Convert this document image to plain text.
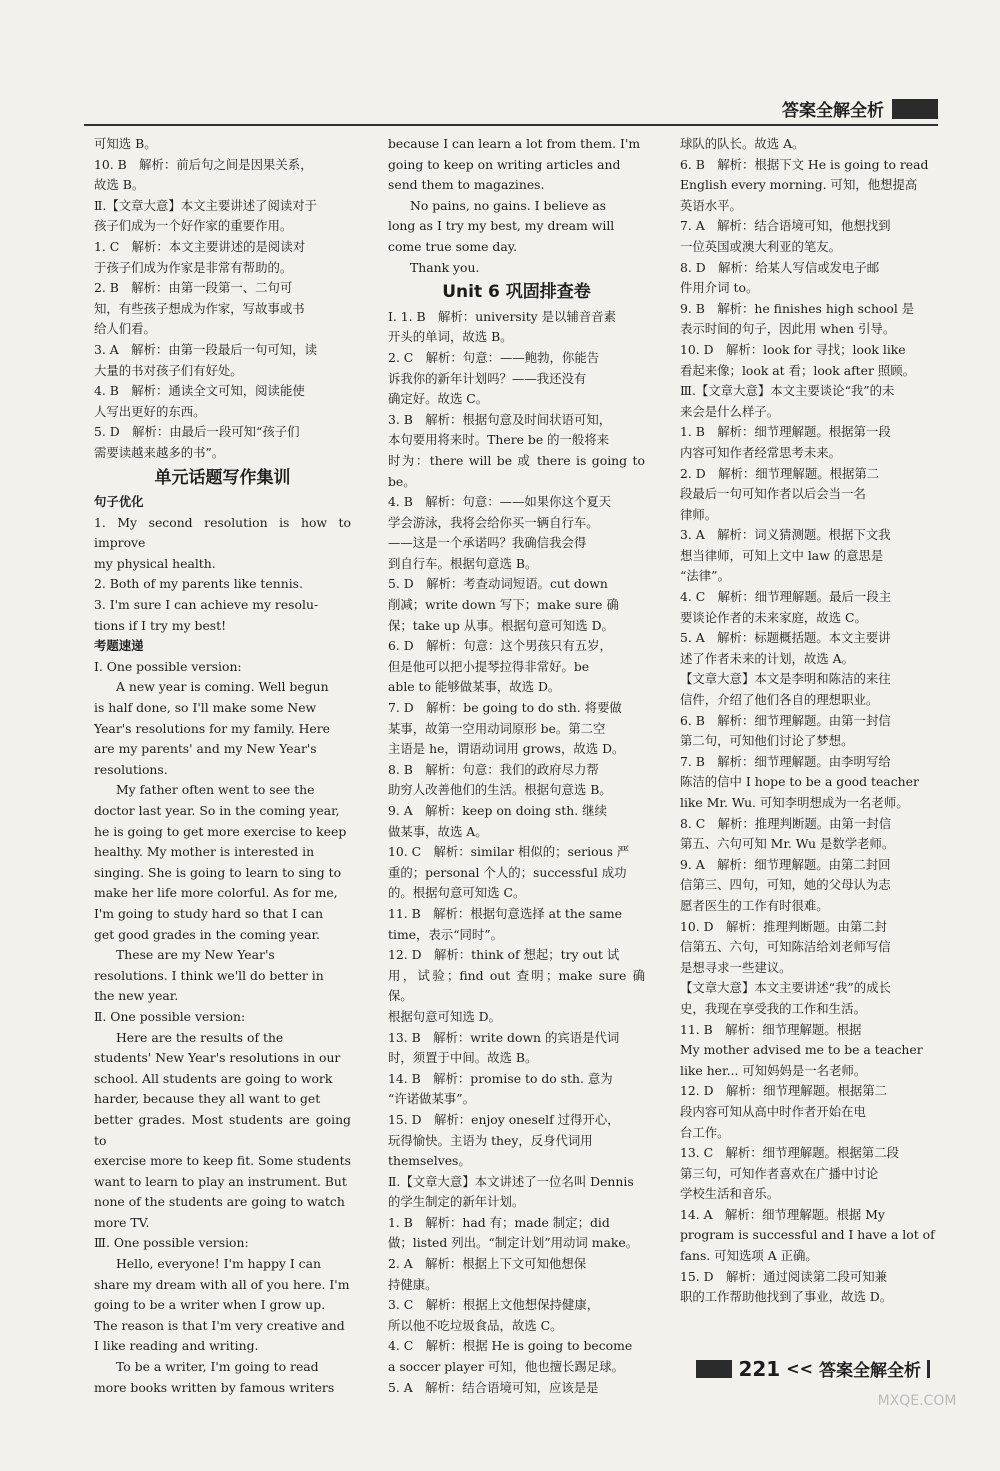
答案全解全析

可知选 B。

10. B　解析：前后句之间是因果关系，

故选 B。

Ⅱ.【文章大意】本文主要讲述了阅读对于

孩子们成为一个好作家的重要作用。

1. C　解析：本文主要讲述的是阅读对

于孩子们成为作家是非常有帮助的。

2. B　解析：由第一段第一、二句可

知，有些孩子想成为作家，写故事或书

给人们看。

3. A　解析：由第一段最后一句可知，读

大量的书对孩子们有好处。

4. B　解析：通读全文可知，阅读能使

人写出更好的东西。

5. D　解析：由最后一段可知“孩子们

需要读越来越多的书”。

单元话题写作集训

句子优化

1. My second resolution is how to improve

my physical health.

2. Both of my parents like tennis.

3. I'm sure I can achieve my resolu-

tions if I try my best!

考题速递

Ⅰ. One possible version:

A new year is coming. Well begun

is half done, so I'll make some New

Year's resolutions for my family. Here

are my parents' and my New Year's

resolutions.

My father often went to see the

doctor last year. So in the coming year,

he is going to get more exercise to keep

healthy. My mother is interested in

singing. She is going to learn to sing to

make her life more colorful. As for me,

I'm going to study hard so that I can

get good grades in the coming year.

These are my New Year's

resolutions. I think we'll do better in

the new year.

Ⅱ. One possible version:

Here are the results of the

students' New Year's resolutions in our

school. All students are going to work

harder, because they all want to get

better grades. Most students are going to

exercise more to keep fit. Some students

want to learn to play an instrument. But

none of the students are going to watch

more TV.

Ⅲ. One possible version:

Hello, everyone! I'm happy I can

share my dream with all of you here. I'm

going to be a writer when I grow up.

The reason is that I'm very creative and

I like reading and writing.

To be a writer, I'm going to read

more books written by famous writers

because I can learn a lot from them. I'm

going to keep on writing articles and

send them to magazines.

No pains, no gains. I believe as

long as I try my best, my dream will

come true some day.

Thank you.

Unit 6 巩固排查卷

Ⅰ. 1. B　解析：university 是以辅音音素

开头的单词，故选 B。

2. C　解析：句意：——鲍勃，你能告

诉我你的新年计划吗？——我还没有

确定好。故选 C。

3. B　解析：根据句意及时间状语可知，

本句要用将来时。There be 的一般将来

时为：there will be 或 there is going to be。

4. B　解析：句意：——如果你这个夏天

学会游泳，我将会给你买一辆自行车。

——这是一个承诺吗？我确信我会得

到自行车。根据句意选 B。

5. D　解析：考查动词短语。cut down

削减；write down 写下；make sure 确

保；take up 从事。根据句意可知选 D。

6. D　解析：句意：这个男孩只有五岁，

但是他可以把小提琴拉得非常好。be

able to 能够做某事，故选 D。

7. D　解析：be going to do sth. 将要做

某事，故第一空用动词原形 be。第二空

主语是 he，谓语动词用 grows，故选 D。

8. B　解析：句意：我们的政府尽力帮

助穷人改善他们的生活。根据句意选 B。

9. A　解析：keep on doing sth. 继续

做某事，故选 A。

10. C　解析：similar 相似的；serious 严

重的；personal 个人的；successful 成功

的。根据句意可知选 C。

11. B　解析：根据句意选择 at the same

time，表示“同时”。

12. D　解析：think of 想起；try out 试

用，试验；find out 查明；make sure 确保。

根据句意可知选 D。

13. B　解析：write down 的宾语是代词

时，须置于中间。故选 B。

14. B　解析：promise to do sth. 意为

“许诺做某事”。

15. D　解析：enjoy oneself 过得开心，

玩得愉快。主语为 they，反身代词用

themselves。

Ⅱ.【文章大意】本文讲述了一位名叫 Dennis

的学生制定的新年计划。

1. B　解析：had 有；made 制定；did

做；listed 列出。“制定计划”用动词 make。

2. A　解析：根据上下文可知他想保

持健康。

3. C　解析：根据上文他想保持健康，

所以他不吃垃圾食品，故选 C。

4. C　解析：根据 He is going to become

a soccer player 可知，他也擅长踢足球。

5. A　解析：结合语境可知，应该是是

球队的队长。故选 A。

6. B　解析：根据下文 He is going to read

English every morning. 可知，他想提高

英语水平。

7. A　解析：结合语境可知，他想找到

一位英国或澳大利亚的笔友。

8. D　解析：给某人写信或发电子邮

件用介词 to。

9. B　解析：he finishes high school 是

表示时间的句子，因此用 when 引导。

10. D　解析：look for 寻找；look like

看起来像；look at 看；look after 照顾。

Ⅲ.【文章大意】本文主要谈论“我”的未

来会是什么样子。

1. B　解析：细节理解题。根据第一段

内容可知作者经常思考未来。

2. D　解析：细节理解题。根据第二

段最后一句可知作者以后会当一名

律师。

3. A　解析：词义猜测题。根据下文我

想当律师，可知上文中 law 的意思是

“法律”。

4. C　解析：细节理解题。最后一段主

要谈论作者的未来家庭，故选 C。

5. A　解析：标题概括题。本文主要讲

述了作者未来的计划，故选 A。

【文章大意】本文是李明和陈洁的来往

信件，介绍了他们各自的理想职业。

6. B　解析：细节理解题。由第一封信

第二句，可知他们讨论了梦想。

7. B　解析：细节理解题。由李明写给

陈洁的信中 I hope to be a good teacher

like Mr. Wu. 可知李明想成为一名老师。

8. C　解析：推理判断题。由第一封信

第五、六句可知 Mr. Wu 是数学老师。

9. A　解析：细节理解题。由第二封回

信第三、四句，可知，她的父母认为志

愿者医生的工作有时很难。

10. D　解析：推理判断题。由第二封

信第五、六句，可知陈洁给刘老师写信

是想寻求一些建议。

【文章大意】本文主要讲述“我”的成长

史，我现在享受我的工作和生活。

11. B　解析：细节理解题。根据

My mother advised me to be a teacher

like her... 可知妈妈是一名老师。

12. D　解析：细节理解题。根据第二

段内容可知从高中时作者开始在电

台工作。

13. C　解析：细节理解题。根据第二段

第三句，可知作者喜欢在广播中讨论

学校生活和音乐。

14. A　解析：细节理解题。根据 My

program is successful and I have a lot of

fans. 可知选项 A 正确。

15. D　解析：通过阅读第二段可知兼

职的工作帮助他找到了事业，故选 D。

221 << 答案全解全析
MXQE.COM
